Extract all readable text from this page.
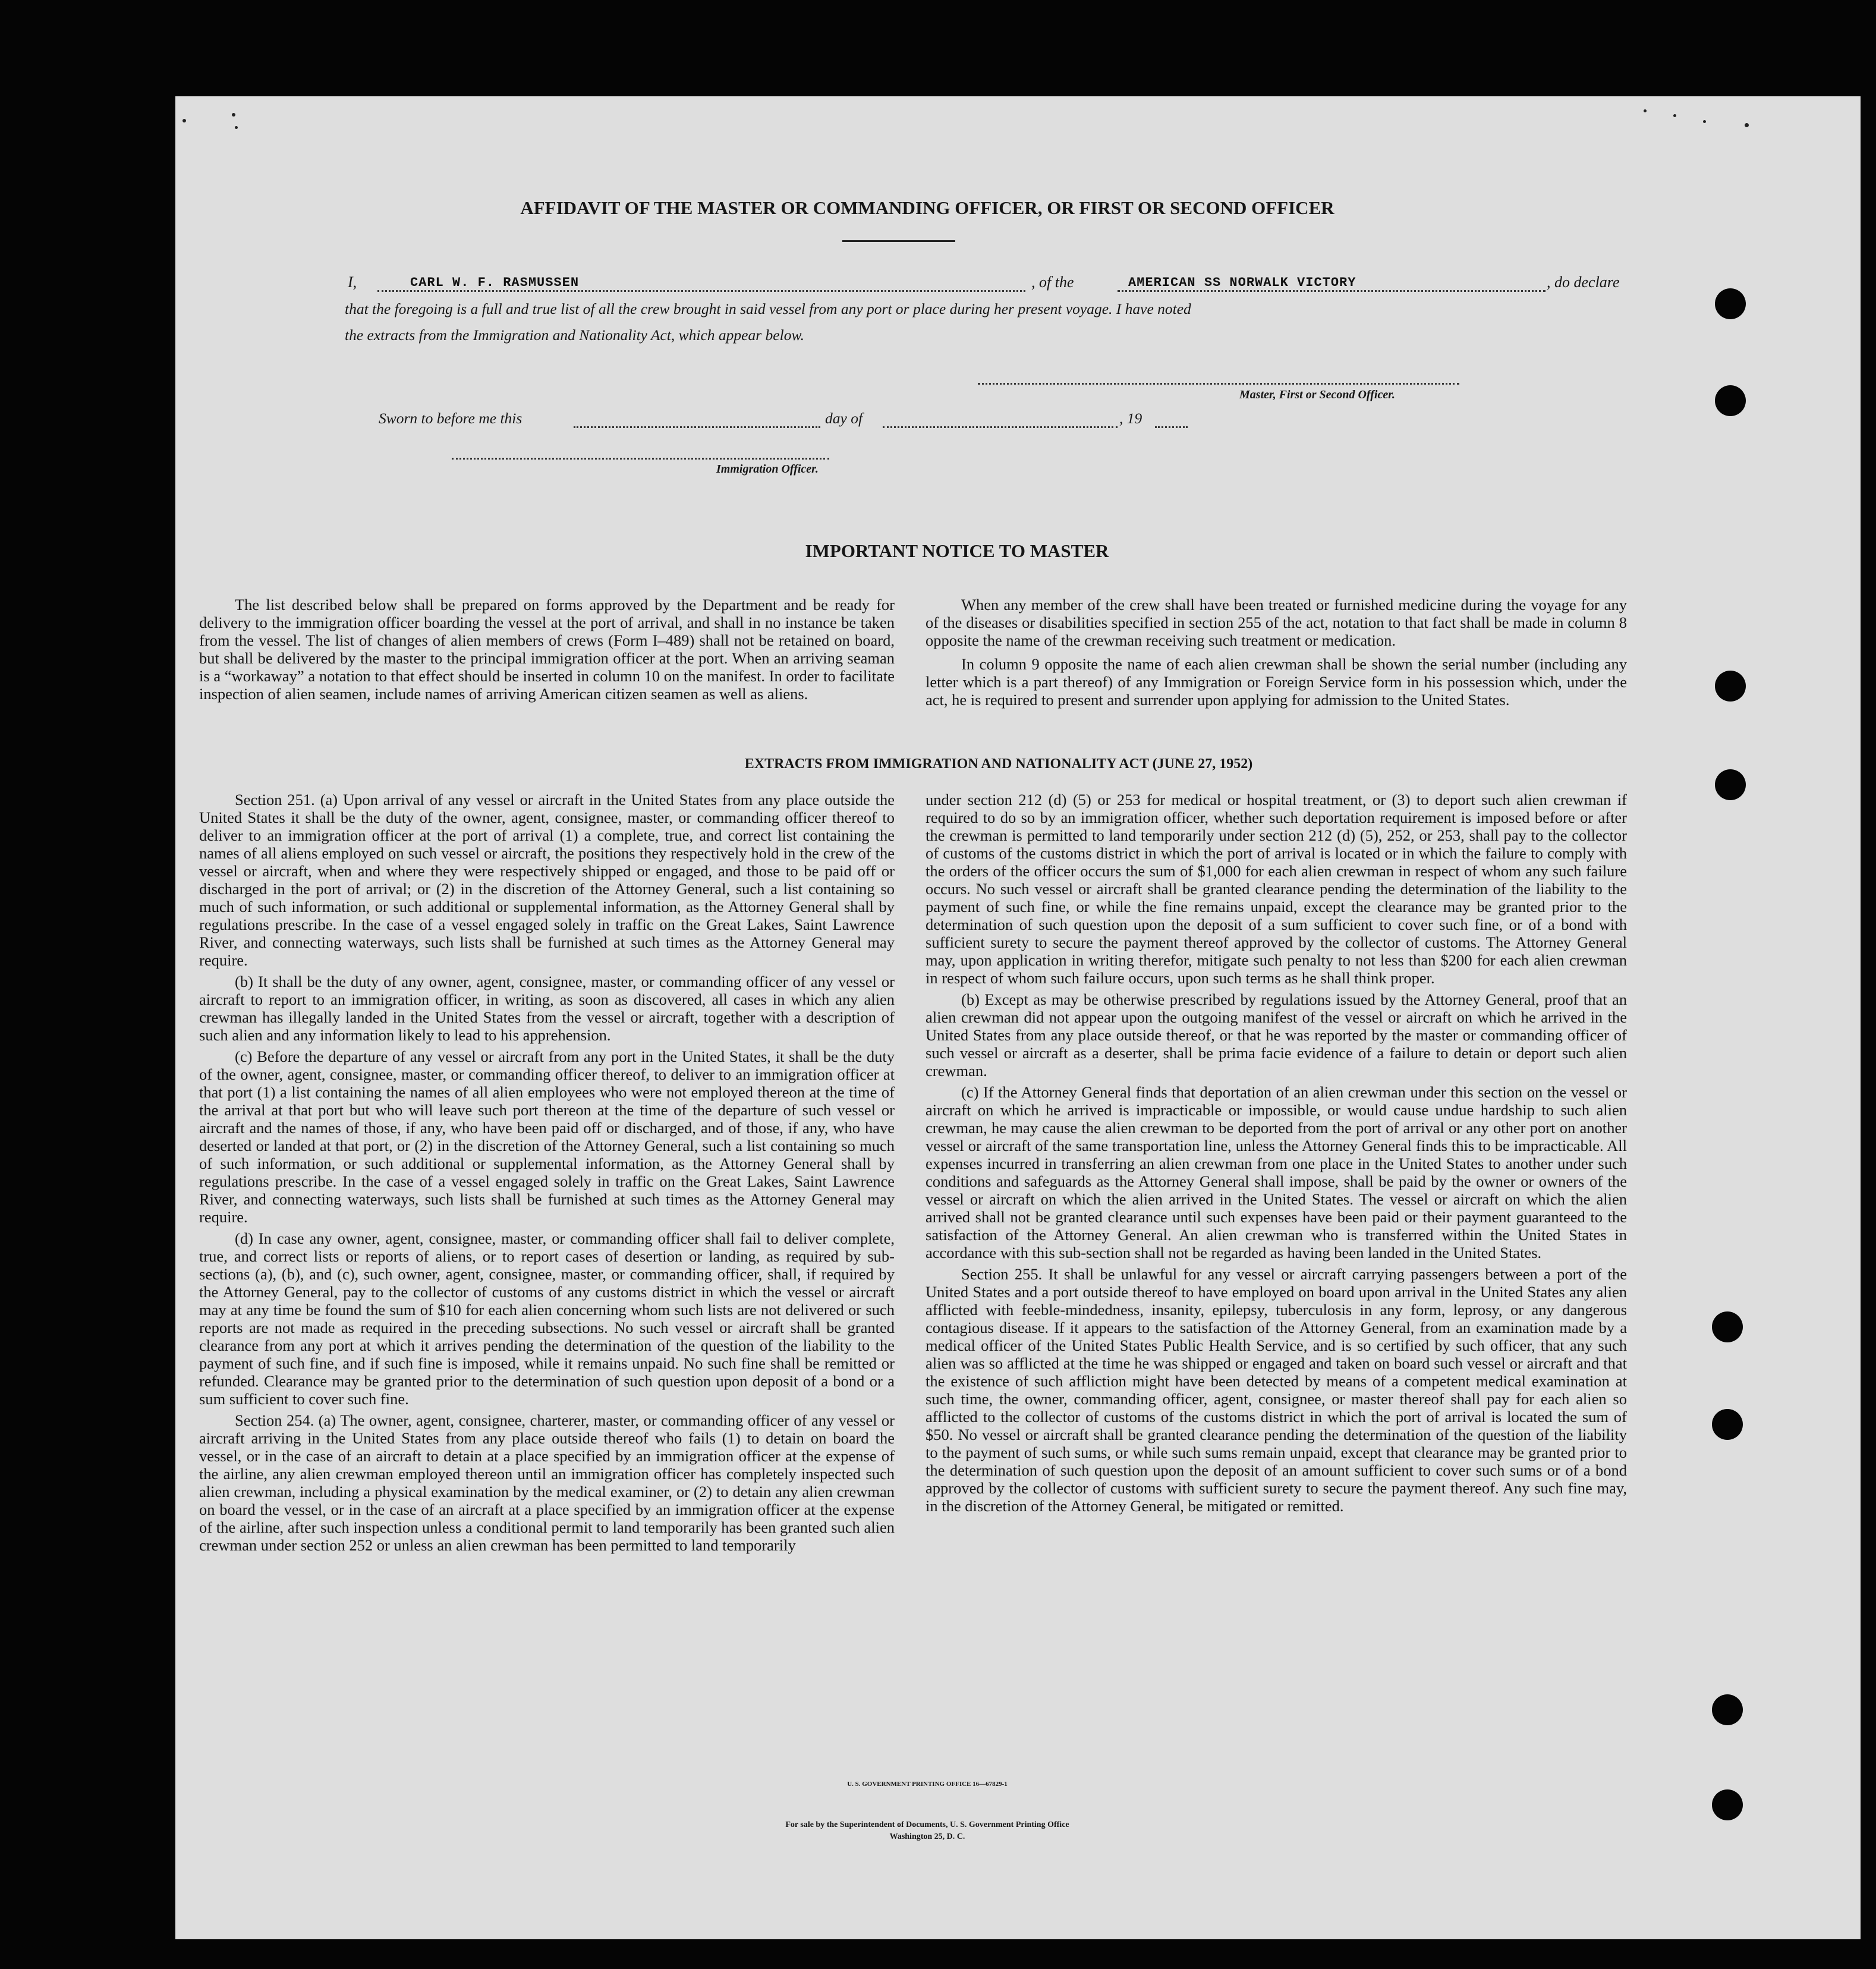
AFFIDAVIT OF THE MASTER OR COMMANDING OFFICER, OR FIRST OR SECOND OFFICER
I,	CARL W. F. RASMUSSEN	, of the	AMERICAN SS NORWALK VICTORY	, do declare
that the foregoing is a full and true list of all the crew brought in said vessel from any port or place during her present voyage. I have noted
the extracts from the Immigration and Nationality Act, which appear below.
Master, First or Second Officer.
Sworn to before me this	day of	, 19
Immigration Officer.
IMPORTANT NOTICE TO MASTER

The list described below shall be prepared on forms approved by the Department and be ready for delivery to the immigration officer boarding the vessel at the port of arrival, and shall in no instance be taken from the vessel. The list of changes of alien members of crews (Form I–489) shall not be retained on board, but shall be delivered by the master to the principal immigration officer at the port. When an arriving seaman is a “workaway” a notation to that effect should be inserted in column 10 on the manifest. In order to facilitate inspection of alien seamen, include names of arriving American citizen seamen as well as aliens.

When any member of the crew shall have been treated or furnished medicine during the voyage for any of the diseases or disabilities specified in section 255 of the act, notation to that fact shall be made in column 8 opposite the name of the crewman receiving such treatment or medication.

In column 9 opposite the name of each alien crewman shall be shown the serial number (including any letter which is a part thereof) of any Immigration or Foreign Service form in his possession which, under the act, he is required to present and surrender upon applying for admission to the United States.

EXTRACTS FROM IMMIGRATION AND NATIONALITY ACT (JUNE 27, 1952)

Section 251. (a) Upon arrival of any vessel or aircraft in the United States from any place outside the United States it shall be the duty of the owner, agent, consignee, master, or commanding officer thereof to deliver to an immigration officer at the port of arrival (1) a complete, true, and correct list containing the names of all aliens employed on such vessel or aircraft, the positions they respectively hold in the crew of the vessel or aircraft, when and where they were respectively shipped or engaged, and those to be paid off or discharged in the port of arrival; or (2) in the discretion of the Attorney General, such a list containing so much of such information, or such additional or supplemental information, as the Attorney General shall by regulations prescribe. In the case of a vessel engaged solely in traffic on the Great Lakes, Saint Lawrence River, and connecting waterways, such lists shall be furnished at such times as the Attorney General may require.

(b) It shall be the duty of any owner, agent, consignee, master, or commanding officer of any vessel or aircraft to report to an immigration officer, in writing, as soon as discovered, all cases in which any alien crewman has illegally landed in the United States from the vessel or aircraft, together with a description of such alien and any information likely to lead to his apprehension.

(c) Before the departure of any vessel or aircraft from any port in the United States, it shall be the duty of the owner, agent, consignee, master, or commanding officer thereof, to deliver to an immigration officer at that port (1) a list containing the names of all alien employees who were not employed thereon at the time of the arrival at that port but who will leave such port thereon at the time of the departure of such vessel or aircraft and the names of those, if any, who have been paid off or discharged, and of those, if any, who have deserted or landed at that port, or (2) in the discretion of the Attorney General, such a list containing so much of such information, or such additional or supplemental information, as the Attorney General shall by regulations prescribe. In the case of a vessel engaged solely in traffic on the Great Lakes, Saint Lawrence River, and connecting waterways, such lists shall be furnished at such times as the Attorney General may require.

(d) In case any owner, agent, consignee, master, or commanding officer shall fail to deliver complete, true, and correct lists or reports of aliens, or to report cases of desertion or landing, as required by sub-sections (a), (b), and (c), such owner, agent, consignee, master, or commanding officer, shall, if required by the Attorney General, pay to the collector of customs of any customs district in which the vessel or aircraft may at any time be found the sum of $10 for each alien concerning whom such lists are not delivered or such reports are not made as required in the preceding subsections. No such vessel or aircraft shall be granted clearance from any port at which it arrives pending the determination of the question of the liability to the payment of such fine, and if such fine is imposed, while it remains unpaid. No such fine shall be remitted or refunded. Clearance may be granted prior to the determination of such question upon deposit of a bond or a sum sufficient to cover such fine.

Section 254. (a) The owner, agent, consignee, charterer, master, or commanding officer of any vessel or aircraft arriving in the United States from any place outside thereof who fails (1) to detain on board the vessel, or in the case of an aircraft to detain at a place specified by an immigration officer at the expense of the airline, any alien crewman employed thereon until an immigration officer has completely inspected such alien crewman, including a physical examination by the medical examiner, or (2) to detain any alien crewman on board the vessel, or in the case of an aircraft at a place specified by an immigration officer at the expense of the airline, after such inspection unless a conditional permit to land temporarily has been granted such alien crewman under section 252 or unless an alien crewman has been permitted to land temporarily

under section 212 (d) (5) or 253 for medical or hospital treatment, or (3) to deport such alien crewman if required to do so by an immigration officer, whether such deportation requirement is imposed before or after the crewman is permitted to land temporarily under section 212 (d) (5), 252, or 253, shall pay to the collector of customs of the customs district in which the port of arrival is located or in which the failure to comply with the orders of the officer occurs the sum of $1,000 for each alien crewman in respect of whom any such failure occurs. No such vessel or aircraft shall be granted clearance pending the determination of the liability to the payment of such fine, or while the fine remains unpaid, except the clearance may be granted prior to the determination of such question upon the deposit of a sum sufficient to cover such fine, or of a bond with sufficient surety to secure the payment thereof approved by the collector of customs. The Attorney General may, upon application in writing therefor, mitigate such penalty to not less than $200 for each alien crewman in respect of whom such failure occurs, upon such terms as he shall think proper.

(b) Except as may be otherwise prescribed by regulations issued by the Attorney General, proof that an alien crewman did not appear upon the outgoing manifest of the vessel or aircraft on which he arrived in the United States from any place outside thereof, or that he was reported by the master or commanding officer of such vessel or aircraft as a deserter, shall be prima facie evidence of a failure to detain or deport such alien crewman.

(c) If the Attorney General finds that deportation of an alien crewman under this section on the vessel or aircraft on which he arrived is impracticable or impossible, or would cause undue hardship to such alien crewman, he may cause the alien crewman to be deported from the port of arrival or any other port on another vessel or aircraft of the same transportation line, unless the Attorney General finds this to be impracticable. All expenses incurred in transferring an alien crewman from one place in the United States to another under such conditions and safeguards as the Attorney General shall impose, shall be paid by the owner or owners of the vessel or aircraft on which the alien arrived in the United States. The vessel or aircraft on which the alien arrived shall not be granted clearance until such expenses have been paid or their payment guaranteed to the satisfaction of the Attorney General. An alien crewman who is transferred within the United States in accordance with this sub-section shall not be regarded as having been landed in the United States.

Section 255. It shall be unlawful for any vessel or aircraft carrying passengers between a port of the United States and a port outside thereof to have employed on board upon arrival in the United States any alien afflicted with feeble-mindedness, insanity, epilepsy, tuberculosis in any form, leprosy, or any dangerous contagious disease. If it appears to the satisfaction of the Attorney General, from an examination made by a medical officer of the United States Public Health Service, and is so certified by such officer, that any such alien was so afflicted at the time he was shipped or engaged and taken on board such vessel or aircraft and that the existence of such affliction might have been detected by means of a competent medical examination at such time, the owner, commanding officer, agent, consignee, or master thereof shall pay for each alien so afflicted to the collector of customs of the customs district in which the port of arrival is located the sum of $50. No vessel or aircraft shall be granted clearance pending the determination of the question of the liability to the payment of such sums, or while such sums remain unpaid, except that clearance may be granted prior to the determination of such question upon the deposit of an amount sufficient to cover such sums or of a bond approved by the collector of customs with sufficient surety to secure the payment thereof. Any such fine may, in the discretion of the Attorney General, be mitigated or remitted.

U. S. GOVERNMENT PRINTING OFFICE 16—67829-1
For sale by the Superintendent of Documents, U. S. Government Printing Office
Washington 25, D. C.
